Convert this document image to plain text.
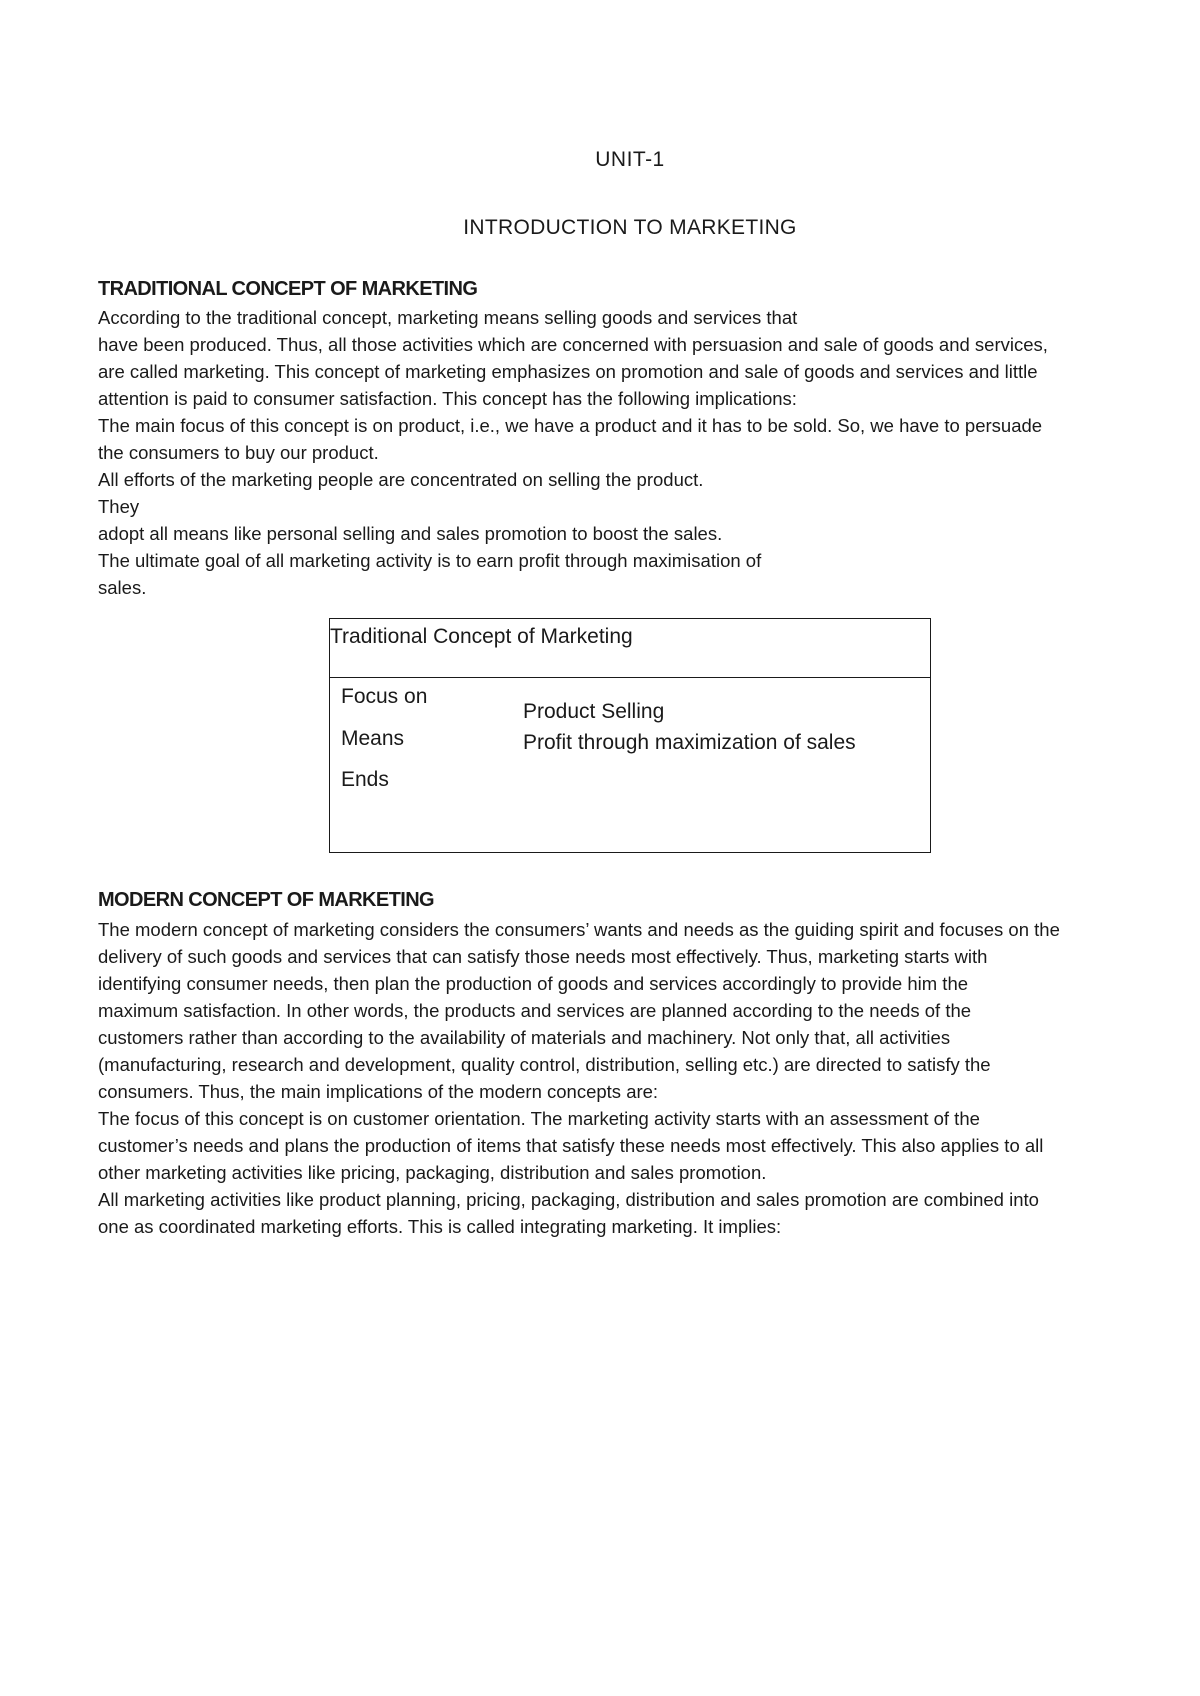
UNIT-1
INTRODUCTION TO MARKETING
TRADITIONAL CONCEPT OF MARKETING

According to the traditional concept, marketing means selling goods and services that

have been produced. Thus, all those activities which are concerned with persuasion and sale of goods and services,

are called marketing. This concept of marketing emphasizes on promotion and sale of goods and services and little

attention is paid to consumer satisfaction. This concept has the following implications:

The main focus of this concept is on product, i.e., we have a product and it has to be sold. So, we have to persuade

the consumers to buy our product.

All efforts of the marketing people are concentrated on selling the product.

They

adopt all means like personal selling and sales promotion to boost the sales.

The ultimate goal of all marketing activity is to earn profit through maximisation of

sales.

Traditional Concept of Marketing
Focus on
Means
Ends
Product Selling
Profit through maximization of sales
MODERN CONCEPT OF MARKETING

The modern concept of marketing considers the consumers’ wants and needs as the guiding spirit and focuses on the

delivery of such goods and services that can satisfy those needs most effectively. Thus, marketing starts with

identifying consumer needs, then plan the production of goods and services accordingly to provide him the

maximum satisfaction. In other words, the products and services are planned according to the needs of the

customers rather than according to the availability of materials and machinery. Not only that, all activities

(manufacturing, research and development, quality control, distribution, selling etc.) are directed to satisfy the

consumers. Thus, the main implications of the modern concepts are:

The focus of this concept is on customer orientation. The marketing activity starts with an assessment of the

customer’s needs and plans the production of items that satisfy these needs most effectively. This also applies to all

other marketing activities like pricing, packaging, distribution and sales promotion.

All marketing activities like product planning, pricing, packaging, distribution and sales promotion are combined into

one as coordinated marketing efforts. This is called integrating marketing. It implies:
